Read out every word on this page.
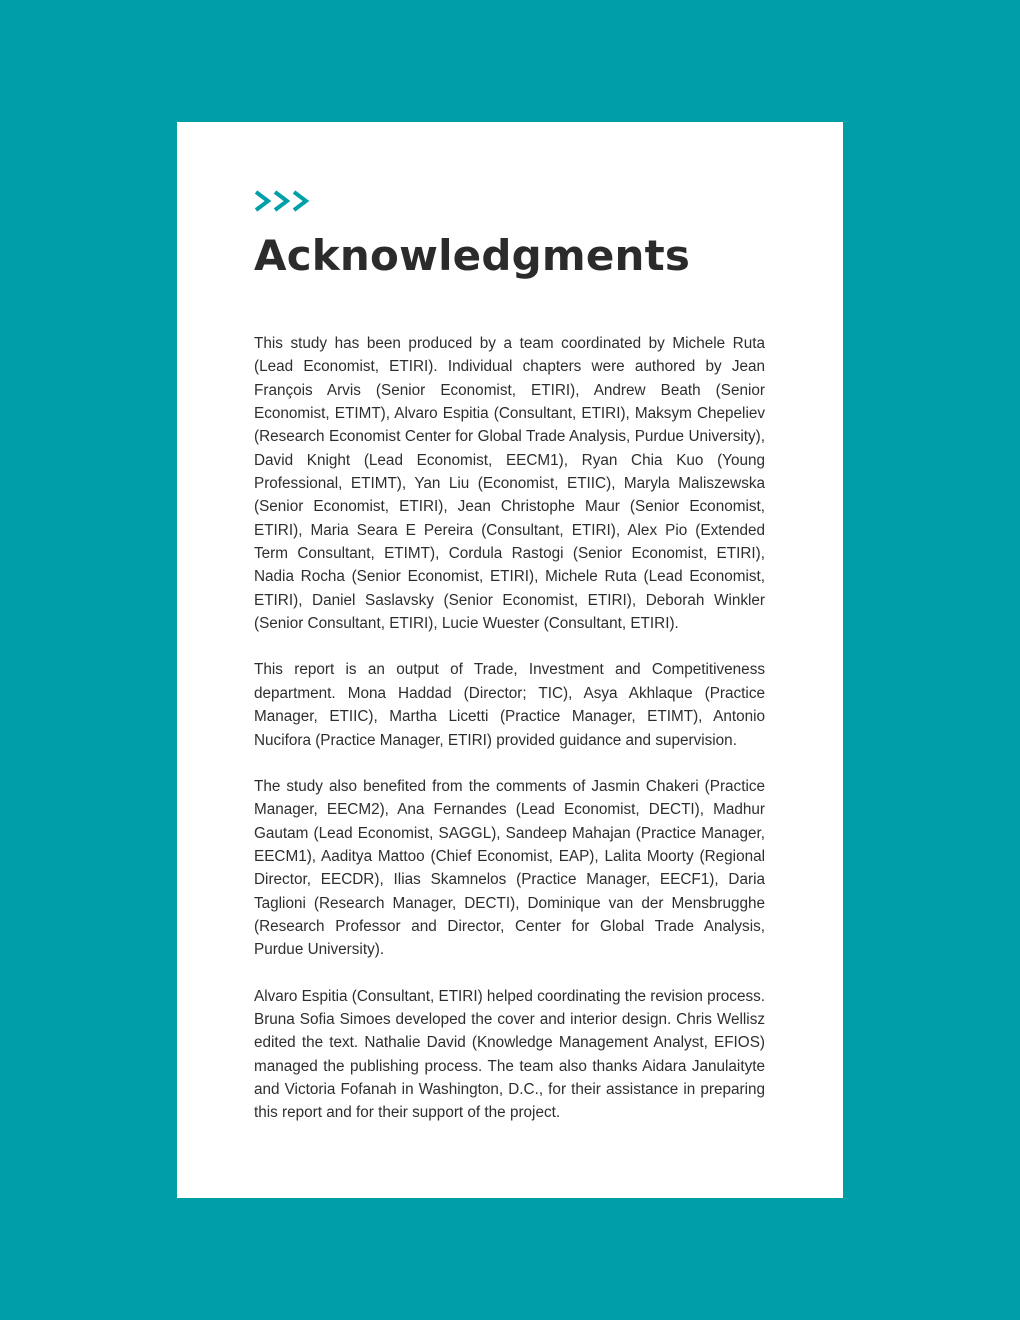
Acknowledgments

This study has been produced by a team coordinated by Michele Ruta (Lead Economist, ETIRI). Individual chapters were authored by Jean François Arvis (Senior Economist, ETIRI), Andrew Beath (Senior Economist, ETIMT), Alvaro Espitia (Consultant, ETIRI), Maksym Chepeliev (Research Economist Center for Global Trade Analysis, Purdue University), David Knight (Lead Economist, EECM1), Ryan Chia Kuo (Young Professional, ETIMT), Yan Liu (Economist, ETIIC), Maryla Maliszewska (Senior Economist, ETIRI), Jean Christophe Maur (Senior Economist, ETIRI), Maria Seara E Pereira (Consultant, ETIRI), Alex Pio (Extended Term Consultant, ETIMT), Cordula Rastogi (Senior Economist, ETIRI), Nadia Rocha (Senior Economist, ETIRI), Michele Ruta (Lead Economist, ETIRI), Daniel Saslavsky (Senior Economist, ETIRI), Deborah Winkler (Senior Consultant, ETIRI), Lucie Wuester (Consultant, ETIRI).

This report is an output of Trade, Investment and Competitiveness department. Mona Haddad (Director; TIC), Asya Akhlaque (Practice Manager, ETIIC), Martha Licetti (Practice Manager, ETIMT), Antonio Nucifora (Practice Manager, ETIRI) provided guidance and supervision.

The study also benefited from the comments of Jasmin Chakeri (Practice Manager, EECM2), Ana Fernandes (Lead Economist, DECTI), Madhur Gautam (Lead Economist, SAGGL), Sandeep Mahajan (Practice Manager, EECM1), Aaditya Mattoo (Chief Economist, EAP), Lalita Moorty (Regional Director, EECDR), Ilias Skamnelos (Practice Manager, EECF1), Daria Taglioni (Research Manager, DECTI), Dominique van der Mensbrugghe (Research Professor and Director, Center for Global Trade Analysis, Purdue University).

Alvaro Espitia (Consultant, ETIRI) helped coordinating the revision process. Bruna Sofia Simoes developed the cover and interior design. Chris Wellisz edited the text. Nathalie David (Knowledge Management Analyst, EFIOS) managed the publishing process. The team also thanks Aidara Janulaityte and Victoria Fofanah in Washington, D.C., for their assistance in preparing this report and for their support of the project.
